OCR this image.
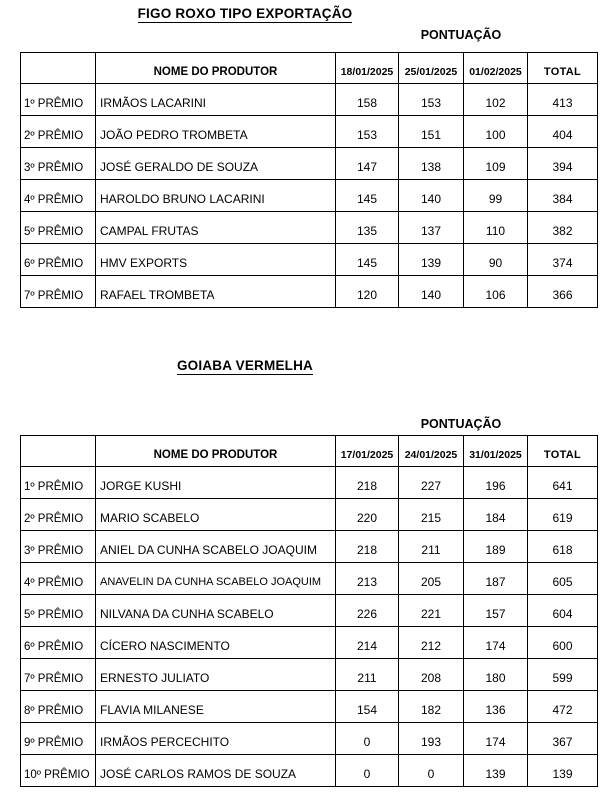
FIGO ROXO TIPO EXPORTAÇÃO
PONTUAÇÃO
	NOME DO PRODUTOR	18/01/2025	25/01/2025	01/02/2025	TOTAL
1º PRÊMIO	IRMÃOS LACARINI	158	153	102	413
2º PRÊMIO	JOÃO PEDRO TROMBETA	153	151	100	404
3º PRÊMIO	JOSÉ GERALDO DE SOUZA	147	138	109	394
4º PRÊMIO	HAROLDO BRUNO LACARINI	145	140	99	384
5º PRÊMIO	CAMPAL FRUTAS	135	137	110	382
6º PRÊMIO	HMV EXPORTS	145	139	90	374
7º PRÊMIO	RAFAEL TROMBETA	120	140	106	366
GOIABA VERMELHA
PONTUAÇÃO
	NOME DO PRODUTOR	17/01/2025	24/01/2025	31/01/2025	TOTAL
1º PRÊMIO	JORGE KUSHI	218	227	196	641
2º PRÊMIO	MARIO SCABELO	220	215	184	619
3º PRÊMIO	ANIEL DA CUNHA SCABELO JOAQUIM	218	211	189	618
4º PRÊMIO	ANAVELIN DA CUNHA SCABELO JOAQUIM	213	205	187	605
5º PRÊMIO	NILVANA DA CUNHA SCABELO	226	221	157	604
6º PRÊMIO	CÍCERO NASCIMENTO	214	212	174	600
7º PRÊMIO	ERNESTO JULIATO	211	208	180	599
8º PRÊMIO	FLAVIA MILANESE	154	182	136	472
9º PRÊMIO	IRMÃOS PERCECHITO	0	193	174	367
10º PRÊMIO	JOSÉ CARLOS RAMOS DE SOUZA	0	0	139	139
